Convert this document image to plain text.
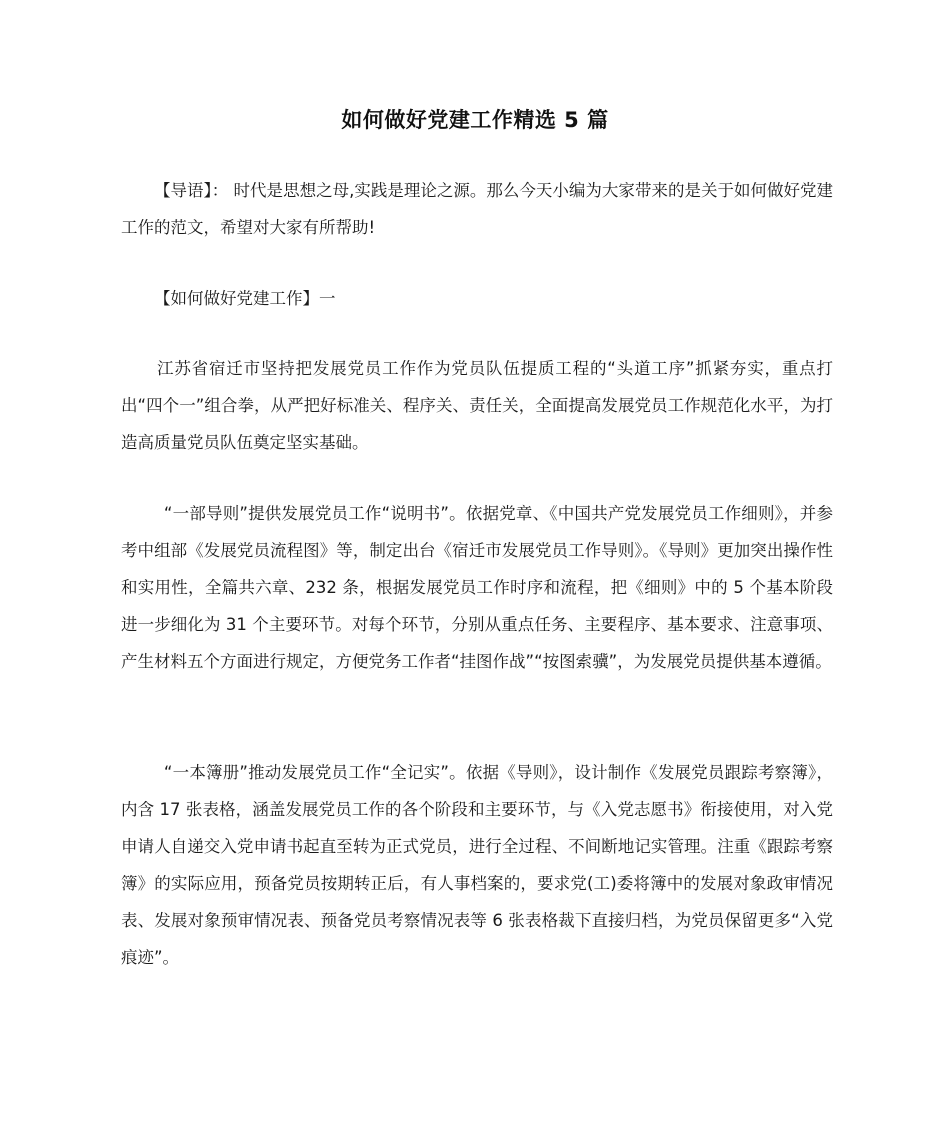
如何做好党建工作精选 5 篇

【导语】： 时代是思想之母,实践是理论之源。那么今天小编为大家带来的是关于如何做好党建工作的范文，希望对大家有所帮助!

【如何做好党建工作】一

江苏省宿迁市坚持把发展党员工作作为党员队伍提质工程的“头道工序”抓紧夯实，重点打出“四个一”组合拳，从严把好标准关、程序关、责任关，全面提高发展党员工作规范化水平，为打造高质量党员队伍奠定坚实基础。

“一部导则”提供发展党员工作“说明书”。依据党章、《中国共产党发展党员工作细则》，并参考中组部《发展党员流程图》等，制定出台《宿迁市发展党员工作导则》。《导则》更加突出操作性和实用性，全篇共六章、232 条，根据发展党员工作时序和流程，把《细则》中的 5 个基本阶段进一步细化为 31 个主要环节。对每个环节，分别从重点任务、主要程序、基本要求、注意事项、产生材料五个方面进行规定，方便党务工作者“挂图作战”“按图索骥”，为发展党员提供基本遵循。

“一本簿册”推动发展党员工作“全记实”。依据《导则》，设计制作《发展党员跟踪考察簿》，内含 17 张表格，涵盖发展党员工作的各个阶段和主要环节，与《入党志愿书》衔接使用，对入党申请人自递交入党申请书起直至转为正式党员，进行全过程、不间断地记实管理。注重《跟踪考察簿》的实际应用，预备党员按期转正后，有人事档案的，要求党(工)委将簿中的发展对象政审情况表、发展对象预审情况表、预备党员考察情况表等 6 张表格裁下直接归档，为党员保留更多“入党痕迹”。
